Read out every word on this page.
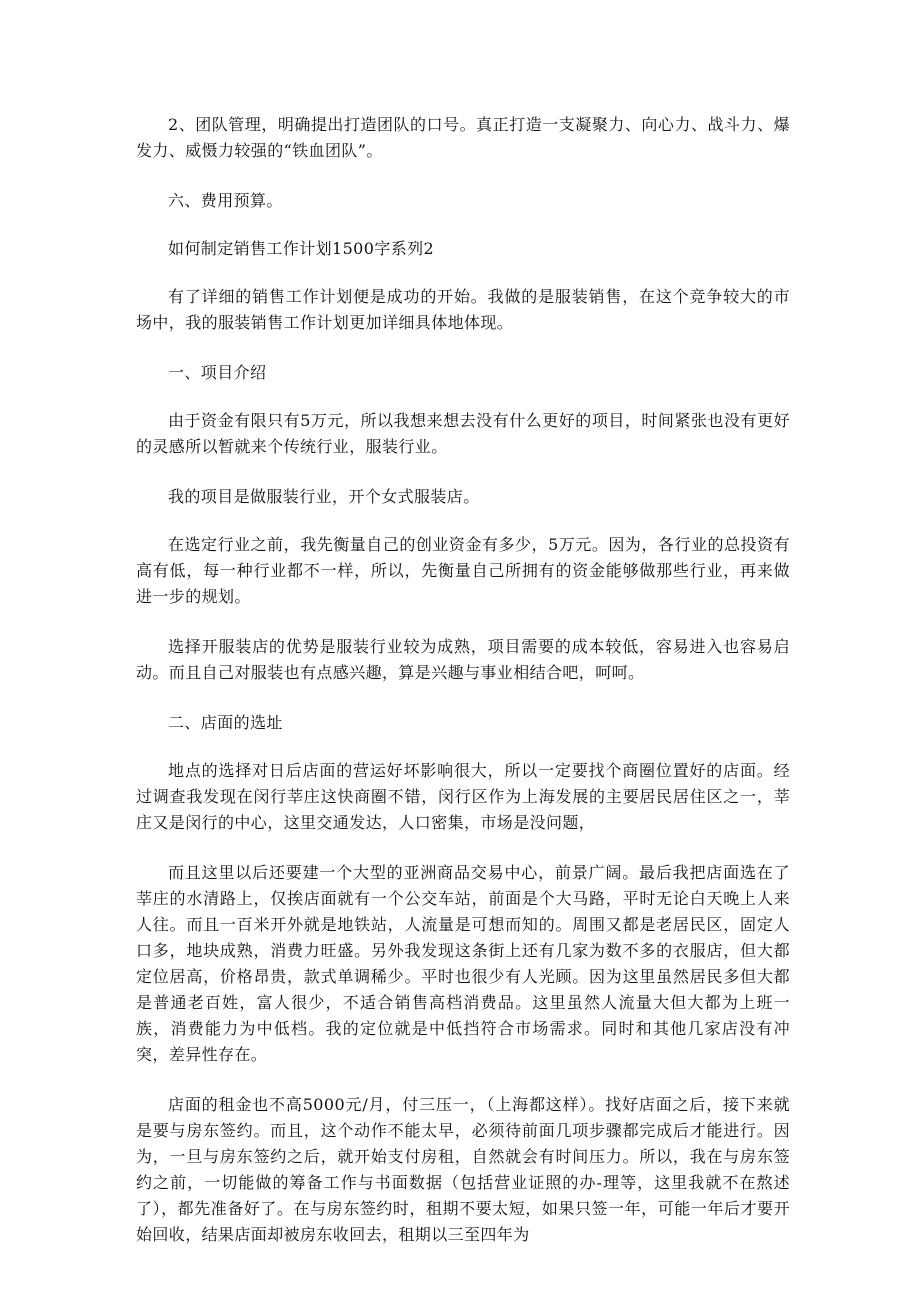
2、团队管理，明确提出打造团队的口号。真正打造一支凝聚力、向心力、战斗力、爆发力、威慑力较强的“铁血团队”。

六、费用预算。

如何制定销售工作计划1500字系列2

有了详细的销售工作计划便是成功的开始。我做的是服装销售，在这个竞争较大的市场中，我的服装销售工作计划更加详细具体地体现。

一、项目介绍

由于资金有限只有5万元，所以我想来想去没有什么更好的项目，时间紧张也没有更好的灵感所以暂就来个传统行业，服装行业。

我的项目是做服装行业，开个女式服装店。

在选定行业之前，我先衡量自己的创业资金有多少，5万元。因为，各行业的总投资有高有低，每一种行业都不一样，所以，先衡量自己所拥有的资金能够做那些行业，再来做进一步的规划。

选择开服装店的优势是服装行业较为成熟，项目需要的成本较低，容易进入也容易启动。而且自己对服装也有点感兴趣，算是兴趣与事业相结合吧，呵呵。

二、店面的选址

地点的选择对日后店面的营运好坏影响很大，所以一定要找个商圈位置好的店面。经过调查我发现在闵行莘庄这快商圈不错，闵行区作为上海发展的主要居民居住区之一，莘庄又是闵行的中心，这里交通发达，人口密集，市场是没问题，

而且这里以后还要建一个大型的亚洲商品交易中心，前景广阔。最后我把店面选在了莘庄的水清路上，仅挨店面就有一个公交车站，前面是个大马路，平时无论白天晚上人来人往。而且一百米开外就是地铁站，人流量是可想而知的。周围又都是老居民区，固定人口多，地块成熟，消费力旺盛。另外我发现这条街上还有几家为数不多的衣服店，但大都定位居高，价格昂贵，款式单调稀少。平时也很少有人光顾。因为这里虽然居民多但大都是普通老百姓，富人很少，不适合销售高档消费品。这里虽然人流量大但大都为上班一族，消费能力为中低档。我的定位就是中低挡符合市场需求。同时和其他几家店没有冲突，差异性存在。

店面的租金也不高5000元/月，付三压一，（上海都这样）。找好店面之后，接下来就是要与房东签约。而且，这个动作不能太早，必须待前面几项步骤都完成后才能进行。因为，一旦与房东签约之后，就开始支付房租，自然就会有时间压力。所以，我在与房东签约之前，一切能做的筹备工作与书面数据（包括营业证照的办-理等，这里我就不在熬述了），都先准备好了。在与房东签约时，租期不要太短，如果只签一年，可能一年后才要开始回收，结果店面却被房东收回去，租期以三至四年为
